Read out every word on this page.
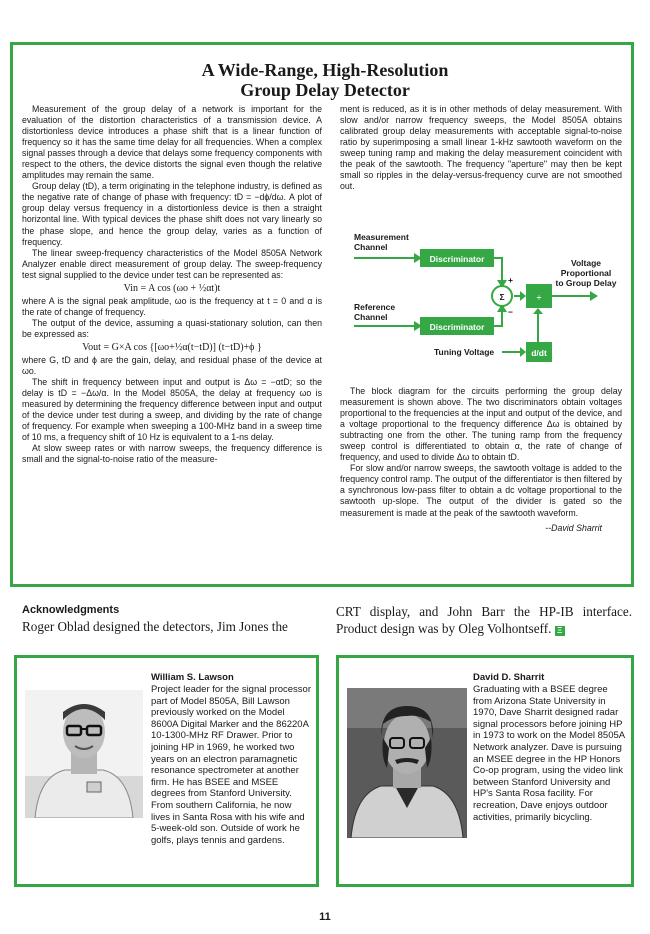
A Wide-Range, High-Resolution
Group Delay Detector

Measurement of the group delay of a network is important for the evaluation of the distortion characteristics of a transmission device. A distortionless device introduces a phase shift that is a linear function of frequency so it has the same time delay for all frequencies. When a complex signal passes through a device that delays some frequency components with respect to the others, the device distorts the signal even though the relative amplitudes may remain the same.

Group delay (tD), a term originating in the telephone industry, is defined as the negative rate of change of phase with frequency: tD = −dϕ/dω. A plot of group delay versus frequency in a distortionless device is then a straight horizontal line. With typical devices the phase shift does not vary linearly so the phase slope, and hence the group delay, varies as a function of frequency.

The linear sweep-frequency characteristics of the Model 8505A Network Analyzer enable direct measurement of group delay. The sweep-frequency test signal supplied to the device under test can be represented as:

Vin = A cos (ωo + ½αt)t

where A is the signal peak amplitude, ωo is the frequency at t = 0 and α is the rate of change of frequency.

The output of the device, assuming a quasi-stationary solution, can then be expressed as:

Vout = G×A cos {[ωo+½α(t−tD)] (t−tD)+ϕ }

where G, tD and ϕ are the gain, delay, and residual phase of the device at ωo.

The shift in frequency between input and output is Δω = −αtD; so the delay is tD = −Δω/α. In the Model 8505A, the delay at frequency ωo is measured by determining the frequency difference between input and output of the device under test during a sweep, and dividing by the rate of change of frequency. For example when sweeping a 100-MHz band in a sweep time of 10 ms, a frequency shift of 10 Hz is equivalent to a 1-ns delay.

At slow sweep rates or with narrow sweeps, the frequency difference is small and the signal-to-noise ratio of the measure-

ment is reduced, as it is in other methods of delay measurement. With slow and/or narrow frequency sweeps, the Model 8505A obtains calibrated group delay measurements with acceptable signal-to-noise ratio by superimposing a small linear 1-kHz sawtooth waveform on the sweep tuning ramp and making the delay measurement coincident with the peak of the sawtooth. The frequency "aperture" may then be kept small so ripples in the delay-versus-frequency curve are not smoothed out.

Measurement
Channel
Reference
Channel
Discriminator
Discriminator
÷
d/dt
Σ
+
−
Tuning Voltage
Voltage
Proportional
to Group Delay

The block diagram for the circuits performing the group delay measurement is shown above. The two discriminators obtain voltages proportional to the frequencies at the input and output of the device, and a voltage proportional to the frequency difference Δω is obtained by subtracting one from the other. The tuning ramp from the frequency sweep control is differentiated to obtain α, the rate of change of frequency, and used to divide Δω to obtain tD.

For slow and/or narrow sweeps, the sawtooth voltage is added to the frequency control ramp. The output of the differentiator is then filtered by a synchronous low-pass filter to obtain a dc voltage proportional to the sawtooth up-slope. The output of the divider is gated so the measurement is made at the peak of the sawtooth waveform.

--David Sharrit
Acknowledgments
Roger Oblad designed the detectors, Jim Jones the
CRT display, and John Barr the HP-IB interface. Product design was by Oleg Volhontseff. Ξ

William S. Lawson

Project leader for the signal processor part of Model 8505A, Bill Lawson previously worked on the Model 8600A Digital Marker and the 86220A 10-1300-MHz RF Drawer. Prior to joining HP in 1969, he worked two years on an electron paramagnetic resonance spectrometer at another firm. He has BSEE and MSEE degrees from Stanford University. From southern California, he now lives in Santa Rosa with his wife and 5-week-old son. Outside of work he golfs, plays tennis and gardens.

David D. Sharrit

Graduating with a BSEE degree from Arizona State University in 1970, Dave Sharrit designed radar signal processors before joining HP in 1973 to work on the Model 8505A Network analyzer. Dave is pursuing an MSEE degree in the HP Honors Co-op program, using the video link between Stanford University and HP's Santa Rosa facility. For recreation, Dave enjoys outdoor activities, primarily bicycling.

11
